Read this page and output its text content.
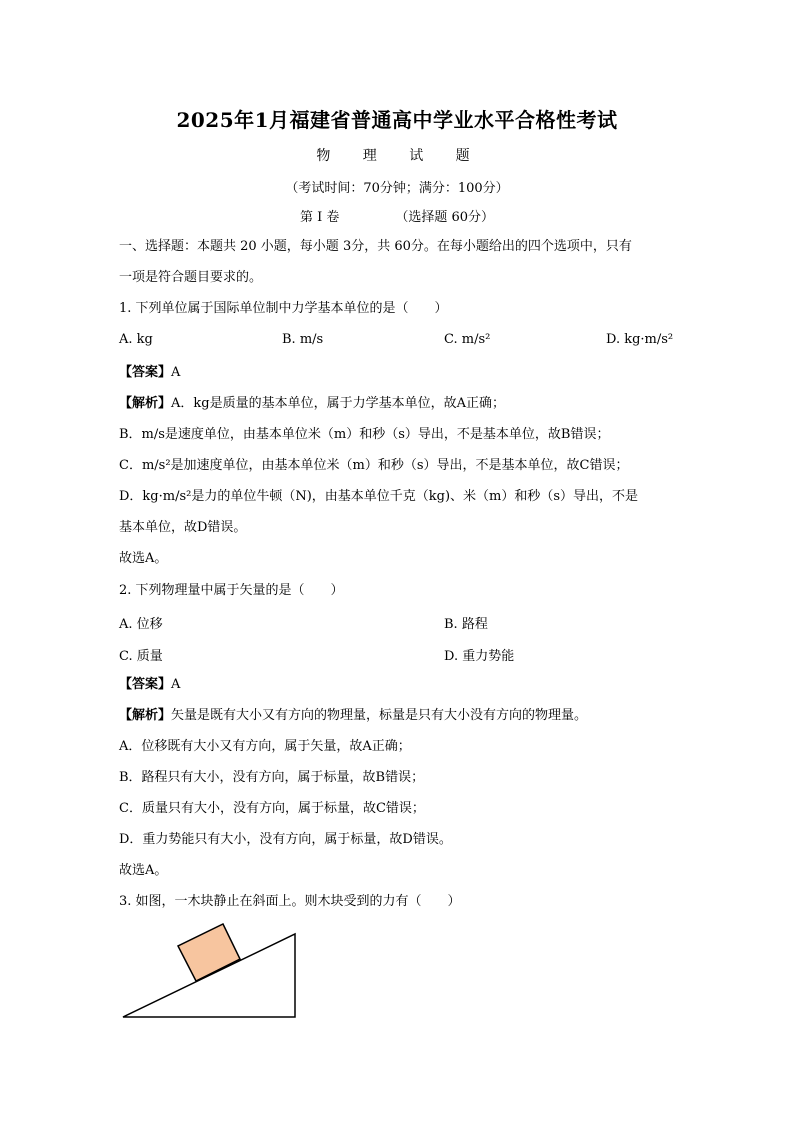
2025年1月福建省普通高中学业水平合格性考试
物 理 试 题
（考试时间：70分钟；满分：100分）
第 I 卷	（选择题 60分）
一、选择题：本题共 20 小题，每小题 3分，共 60分。在每小题给出的四个选项中，只有
一项是符合题目要求的。
1. 下列单位属于国际单位制中力学基本单位的是（　　）
A. kg	B. m/s	C. m/s²	D. kg·m/s²
【答案】A
【解析】A．kg是质量的基本单位，属于力学基本单位，故A正确；
B．m/s是速度单位，由基本单位米（m）和秒（s）导出，不是基本单位，故B错误；
C．m/s²是加速度单位，由基本单位米（m）和秒（s）导出，不是基本单位，故C错误；
D．kg·m/s²是力的单位牛顿（N)，由基本单位千克（kg)、米（m）和秒（s）导出，不是
基本单位，故D错误。
故选A。
2. 下列物理量中属于矢量的是（　　）
A. 位移	B. 路程
C. 质量	D. 重力势能
【答案】A
【解析】矢量是既有大小又有方向的物理量，标量是只有大小没有方向的物理量。
A．位移既有大小又有方向，属于矢量，故A正确；
B．路程只有大小，没有方向，属于标量，故B错误；
C．质量只有大小，没有方向，属于标量，故C错误；
D．重力势能只有大小，没有方向，属于标量，故D错误。
故选A。
3. 如图，一木块静止在斜面上。则木块受到的力有（　　）
